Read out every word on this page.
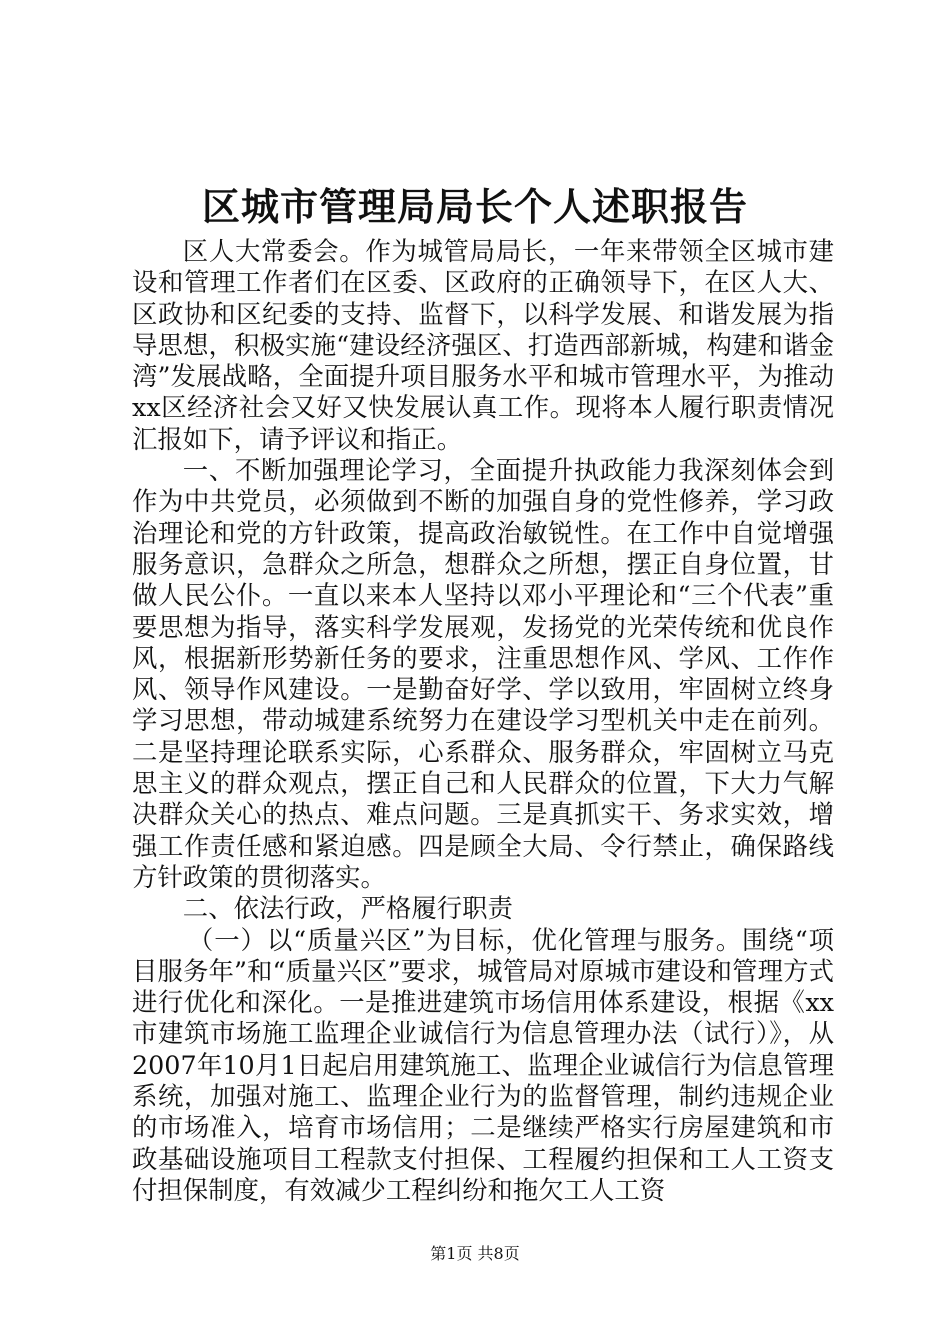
区城市管理局局长个人述职报告

区人大常委会。作为城管局局长，一年来带领全区城市建设和管理工作者们在区委、区政府的正确领导下，在区人大、区政协和区纪委的支持、监督下，以科学发展、和谐发展为指导思想，积极实施“建设经济强区、打造西部新城，构建和谐金湾”发展战略，全面提升项目服务水平和城市管理水平，为推动xx区经济社会又好又快发展认真工作。现将本人履行职责情况汇报如下，请予评议和指正。

一、不断加强理论学习，全面提升执政能力我深刻体会到作为中共党员，必须做到不断的加强自身的党性修养，学习政治理论和党的方针政策，提高政治敏锐性。在工作中自觉增强服务意识，急群众之所急，想群众之所想，摆正自身位置，甘做人民公仆。一直以来本人坚持以邓小平理论和“三个代表”重要思想为指导，落实科学发展观，发扬党的光荣传统和优良作风，根据新形势新任务的要求，注重思想作风、学风、工作作风、领导作风建设。一是勤奋好学、学以致用，牢固树立终身学习思想，带动城建系统努力在建设学习型机关中走在前列。二是坚持理论联系实际，心系群众、服务群众，牢固树立马克思主义的群众观点，摆正自己和人民群众的位置，下大力气解决群众关心的热点、难点问题。三是真抓实干、务求实效，增强工作责任感和紧迫感。四是顾全大局、令行禁止，确保路线方针政策的贯彻落实。

二、依法行政，严格履行职责

（一）以“质量兴区”为目标，优化管理与服务。围绕“项目服务年”和“质量兴区”要求，城管局对原城市建设和管理方式进行优化和深化。一是推进建筑市场信用体系建设，根据《xx市建筑市场施工监理企业诚信行为信息管理办法（试行）》，从2007年10月1日起启用建筑施工、监理企业诚信行为信息管理系统，加强对施工、监理企业行为的监督管理，制约违规企业的市场准入，培育市场信用；二是继续严格实行房屋建筑和市政基础设施项目工程款支付担保、工程履约担保和工人工资支付担保制度，有效减少工程纠纷和拖欠工人工资

第1页 共8页
